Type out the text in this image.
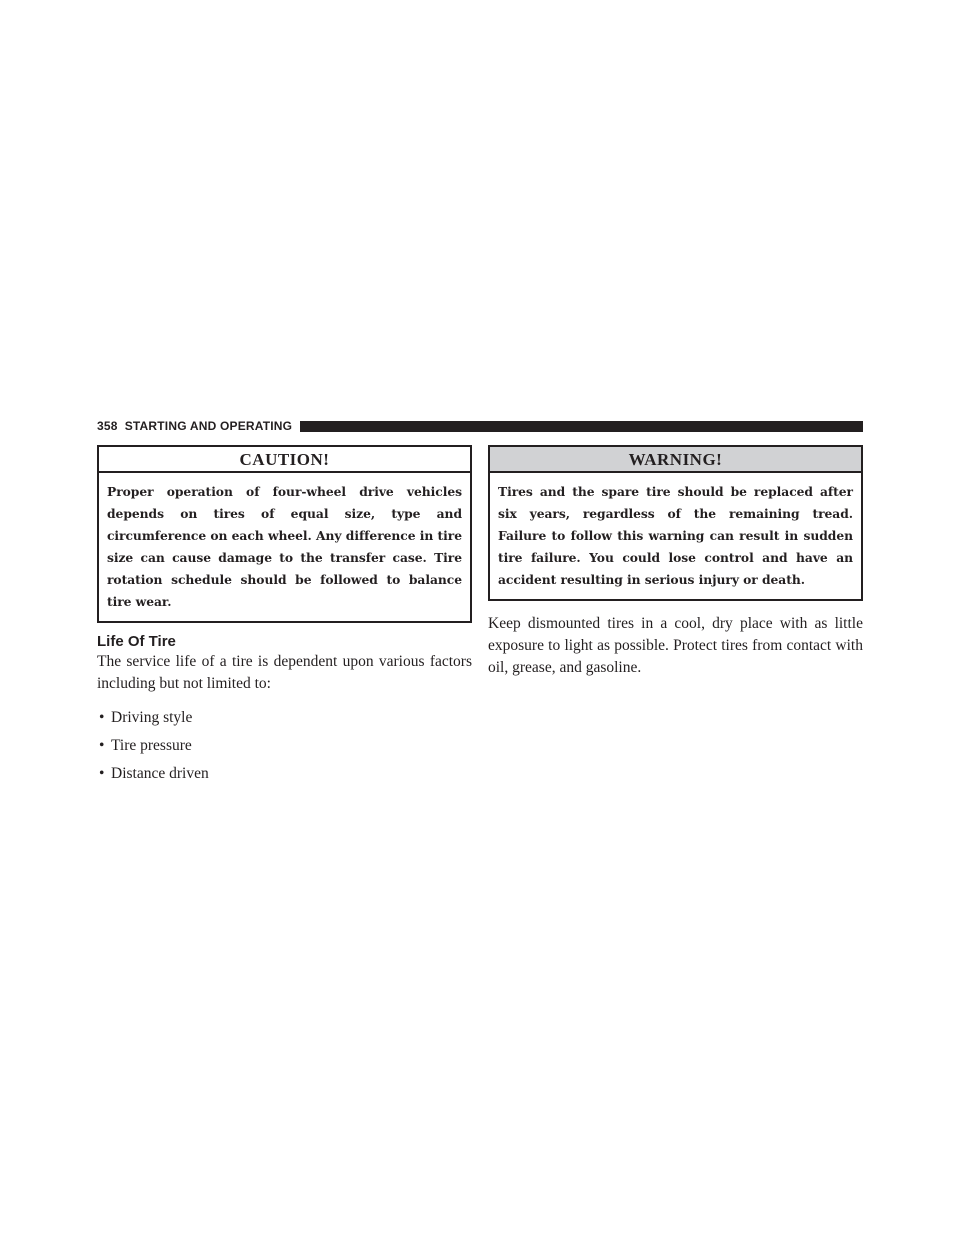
358 STARTING AND OPERATING
CAUTION!
Proper operation of four-wheel drive vehicles depends on tires of equal size, type and circumference on each wheel. Any difference in tire size can cause damage to the transfer case. Tire rotation schedule should be followed to balance tire wear.
Life Of Tire

The service life of a tire is dependent upon various factors including but not limited to:

• Driving style
• Tire pressure
• Distance driven
WARNING!
Tires and the spare tire should be replaced after six years, regardless of the remaining tread. Failure to follow this warning can result in sudden tire failure. You could lose control and have an accident resulting in serious injury or death.

Keep dismounted tires in a cool, dry place with as little exposure to light as possible. Protect tires from contact with oil, grease, and gasoline.
